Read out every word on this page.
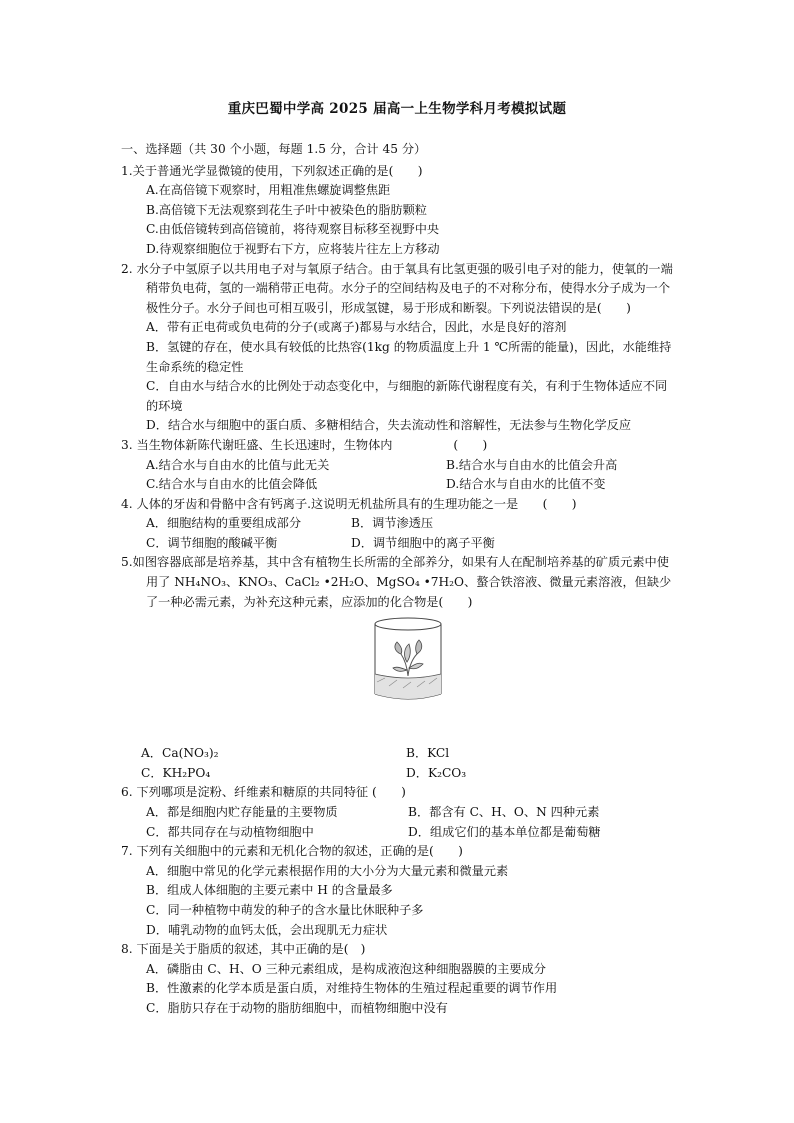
重庆巴蜀中学高 2025 届高一上生物学科月考模拟试题
一、选择题（共 30 个小题，每题 1.5 分，合计 45 分）
1.关于普通光学显微镜的使用，下列叙述正确的是(　　)
A.在高倍镜下观察时，用粗准焦螺旋调整焦距
B.高倍镜下无法观察到花生子叶中被染色的脂肪颗粒
C.由低倍镜转到高倍镜前，将待观察目标移至视野中央
D.待观察细胞位于视野右下方，应将装片往左上方移动
2. 水分子中氢原子以共用电子对与氧原子结合。由于氧具有比氢更强的吸引电子对的能力，使氧的一端稍带负电荷，氢的一端稍带正电荷。水分子的空间结构及电子的不对称分布，使得水分子成为一个极性分子。水分子间也可相互吸引，形成氢键，易于形成和断裂。下列说法错误的是(　　)
A．带有正电荷或负电荷的分子(或离子)都易与水结合，因此，水是良好的溶剂
B．氢键的存在，使水具有较低的比热容(1kg 的物质温度上升 1 ℃所需的能量)，因此，水能维持生命系统的稳定性
C．自由水与结合水的比例处于动态变化中，与细胞的新陈代谢程度有关，有利于生物体适应不同的环境
D．结合水与细胞中的蛋白质、多糖相结合，失去流动性和溶解性，无法参与生物化学反应
3. 当生物体新陈代谢旺盛、生长迅速时，生物体内　　　　　(　　)
A.结合水与自由水的比值与此无关	B.结合水与自由水的比值会升高
C.结合水与自由水的比值会降低	D.结合水与自由水的比值不变
4. 人体的牙齿和骨骼中含有钙离子.这说明无机盐所具有的生理功能之一是　　(　　)
A．细胞结构的重要组成部分	B．调节渗透压
C．调节细胞的酸碱平衡	D．调节细胞中的离子平衡
5.如图容器底部是培养基，其中含有植物生长所需的全部养分，如果有人在配制培养基的矿质元素中使用了 NH₄NO₃、KNO₃、CaCl₂ •2H₂O、MgSO₄ •7H₂O、螯合铁溶液、微量元素溶液，但缺少了一种必需元素，为补充这种元素，应添加的化合物是(　　)
A．Ca(NO₃)₂	B．KCl
C．KH₂PO₄	D．K₂CO₃
6. 下列哪项是淀粉、纤维素和糖原的共同特征 (　　)
A．都是细胞内贮存能量的主要物质	B．都含有 C、H、O、N 四种元素
C．都共同存在与动植物细胞中	D．组成它们的基本单位都是葡萄糖
7. 下列有关细胞中的元素和无机化合物的叙述，正确的是(　　)
A．细胞中常见的化学元素根据作用的大小分为大量元素和微量元素
B．组成人体细胞的主要元素中 H 的含量最多
C．同一种植物中萌发的种子的含水量比休眠种子多
D．哺乳动物的血钙太低，会出现肌无力症状
8. 下面是关于脂质的叙述，其中正确的是(　)
A．磷脂由 C、H、O 三种元素组成，是构成液泡这种细胞器膜的主要成分
B．性激素的化学本质是蛋白质，对维持生物体的生殖过程起重要的调节作用
C．脂肪只存在于动物的脂肪细胞中，而植物细胞中没有
